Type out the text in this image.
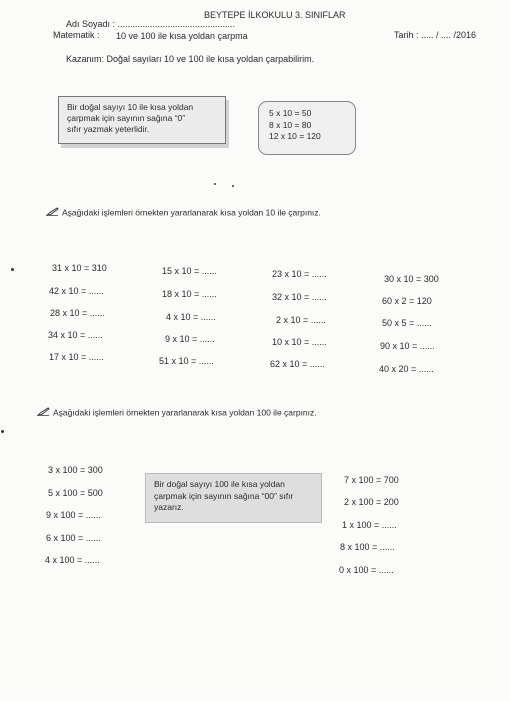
BEYTEPE İLKOKULU 3. SINIFLAR
Adı Soyadı : ...............................................
Matematik : 10 ve 100 ile kısa yoldan çarpma	Tarih : ..... / .... /2016
Kazanım: Doğal sayıları 10 ve 100 ile kısa yoldan çarpabilirim.
Bir doğal sayıyı 10 ile kısa yoldan
çarpmak için sayının sağına “0”
sıfır yazmak yeterlidir.
5 x 10 = 50
8 x 10 = 80
12 x 10 = 120
Aşağıdaki işlemleri örnekten yararlanarak kısa yoldan 10 ile çarpınız.
31 x 10 = 310
42 x 10 = ......
28 x 10 = ......
34 x 10 = ......
17 x 10 = ......
15 x 10 = ......
18 x 10 = ......
4 x 10 = ......
9 x 10 = ......
51 x 10 = ......
23 x 10 = ......
32 x 10 = ......
2 x 10 = ......
10 x 10 = ......
62 x 10 = ......
30 x 10 = 300
60 x 2 = 120
50 x 5 = ......
90 x 10 = ......
40 x 20 = ......
Aşağıdaki işlemleri örnekten yararlanarak kısa yoldan 100 ile çarpınız.
3 x 100 = 300
5 x 100 = 500
9 x 100 = ......
6 x 100 = ......
4 x 100 = ......
Bir doğal sayıyı 100 ile kısa yoldan
çarpmak için sayının sağına “00” sıfır
yazarız.
7 x 100 = 700
2 x 100 = 200
1 x 100 = ......
8 x 100 = ......
0 x 100 = ......
